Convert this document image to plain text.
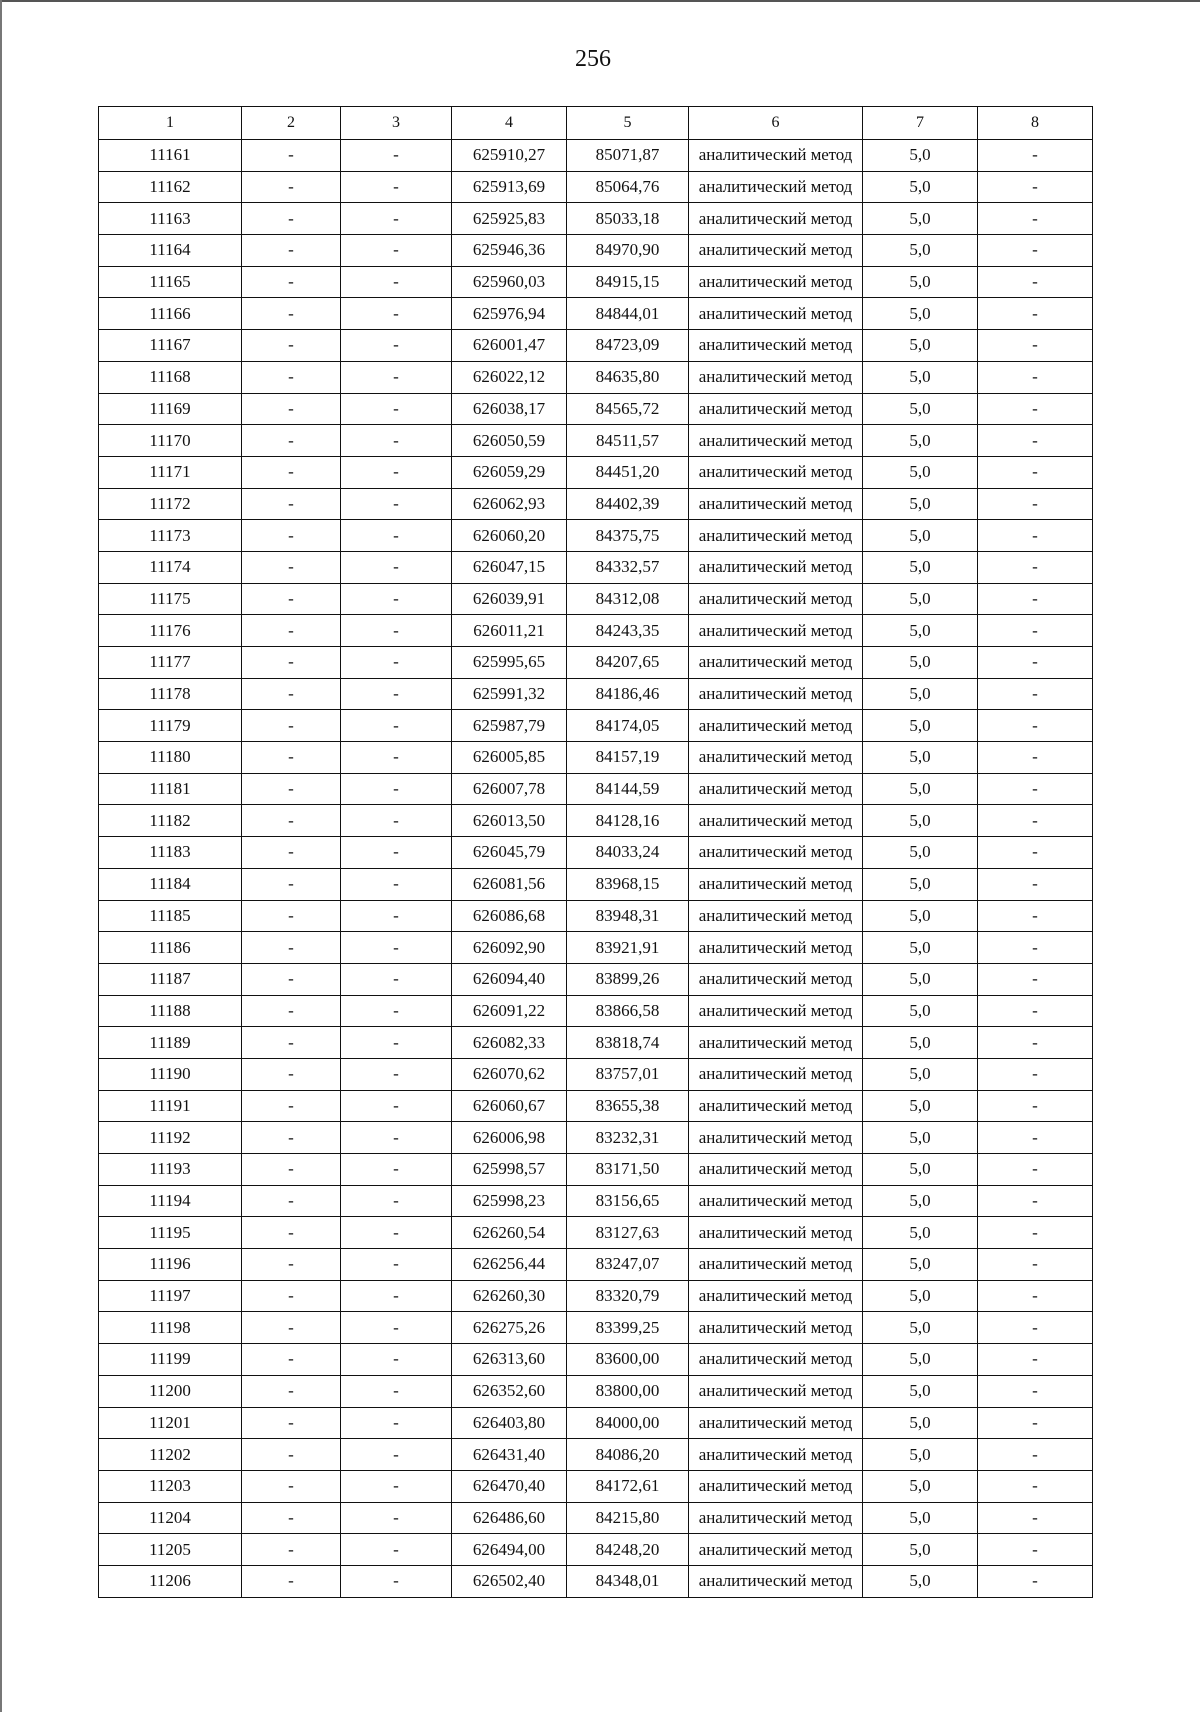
256
1	2	3	4	5	6	7	8
11161	-	-	625910,27	85071,87	аналитический метод	5,0	-
11162	-	-	625913,69	85064,76	аналитический метод	5,0	-
11163	-	-	625925,83	85033,18	аналитический метод	5,0	-
11164	-	-	625946,36	84970,90	аналитический метод	5,0	-
11165	-	-	625960,03	84915,15	аналитический метод	5,0	-
11166	-	-	625976,94	84844,01	аналитический метод	5,0	-
11167	-	-	626001,47	84723,09	аналитический метод	5,0	-
11168	-	-	626022,12	84635,80	аналитический метод	5,0	-
11169	-	-	626038,17	84565,72	аналитический метод	5,0	-
11170	-	-	626050,59	84511,57	аналитический метод	5,0	-
11171	-	-	626059,29	84451,20	аналитический метод	5,0	-
11172	-	-	626062,93	84402,39	аналитический метод	5,0	-
11173	-	-	626060,20	84375,75	аналитический метод	5,0	-
11174	-	-	626047,15	84332,57	аналитический метод	5,0	-
11175	-	-	626039,91	84312,08	аналитический метод	5,0	-
11176	-	-	626011,21	84243,35	аналитический метод	5,0	-
11177	-	-	625995,65	84207,65	аналитический метод	5,0	-
11178	-	-	625991,32	84186,46	аналитический метод	5,0	-
11179	-	-	625987,79	84174,05	аналитический метод	5,0	-
11180	-	-	626005,85	84157,19	аналитический метод	5,0	-
11181	-	-	626007,78	84144,59	аналитический метод	5,0	-
11182	-	-	626013,50	84128,16	аналитический метод	5,0	-
11183	-	-	626045,79	84033,24	аналитический метод	5,0	-
11184	-	-	626081,56	83968,15	аналитический метод	5,0	-
11185	-	-	626086,68	83948,31	аналитический метод	5,0	-
11186	-	-	626092,90	83921,91	аналитический метод	5,0	-
11187	-	-	626094,40	83899,26	аналитический метод	5,0	-
11188	-	-	626091,22	83866,58	аналитический метод	5,0	-
11189	-	-	626082,33	83818,74	аналитический метод	5,0	-
11190	-	-	626070,62	83757,01	аналитический метод	5,0	-
11191	-	-	626060,67	83655,38	аналитический метод	5,0	-
11192	-	-	626006,98	83232,31	аналитический метод	5,0	-
11193	-	-	625998,57	83171,50	аналитический метод	5,0	-
11194	-	-	625998,23	83156,65	аналитический метод	5,0	-
11195	-	-	626260,54	83127,63	аналитический метод	5,0	-
11196	-	-	626256,44	83247,07	аналитический метод	5,0	-
11197	-	-	626260,30	83320,79	аналитический метод	5,0	-
11198	-	-	626275,26	83399,25	аналитический метод	5,0	-
11199	-	-	626313,60	83600,00	аналитический метод	5,0	-
11200	-	-	626352,60	83800,00	аналитический метод	5,0	-
11201	-	-	626403,80	84000,00	аналитический метод	5,0	-
11202	-	-	626431,40	84086,20	аналитический метод	5,0	-
11203	-	-	626470,40	84172,61	аналитический метод	5,0	-
11204	-	-	626486,60	84215,80	аналитический метод	5,0	-
11205	-	-	626494,00	84248,20	аналитический метод	5,0	-
11206	-	-	626502,40	84348,01	аналитический метод	5,0	-
